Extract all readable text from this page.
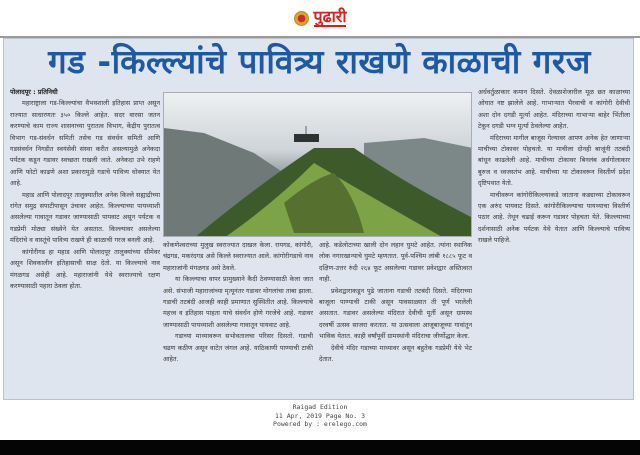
पुढारी
गड -किल्ल्यांचे पावित्र्य राखणे काळाची गरज

पोलादपूर : प्रतिनिधी

महाराष्ट्राला गड-किल्ल्यांचा वैभवशाली इतिहास प्राप्त असून राज्यात साधारणतः ३५० किल्ले आहेत. सदर वारसा जतन करण्याचे काम राज्य शासनाच्या पुरातत्व विभाग, केंद्रीय पुरातत्व विभाग गड-संवर्धन समिती तसेच गड संवर्धन समिती आणि गडसंवर्धन निगडीत स्वयंसेवी संस्था करीत असल्यामुळे अनेकदा पर्यटक कडून गडावर स्वच्छता राखली जाते. अनेकदा उभे राहणे आणि फोटो काढणे अशा प्रकारामुळे गडाचे पावित्र्य धोक्यात येत आहे.

महाड आणि पोलादपूर तालुक्यातील अनेक किल्ले सह्याद्रीच्या रांगेत समुद्र सपाटीपासून उंचावर आहेत. किल्ल्याच्या पायथ्याशी असलेल्या गावातून गडावर जाण्यासाठी पायवाट असून पर्यटक व गडप्रेमी मोठ्या संख्येने येत असतात. किल्ल्यावर असलेल्या मंदिरांचे व वास्तूंचे पावित्र्य राखणे ही काळाची गरज बनली आहे.

कांगोरीगड हा महाड आणि पोलादपूर तालुक्यांच्या सीमेवर असून शिवकालीन इतिहासाची साक्ष देतो. या किल्ल्याचे नाव मंगळगड असेही आहे. महाराजांनी येथे स्वराज्याचे रक्षण करण्यासाठी पहारा ठेवला होता.

कोकणेश्वराच्या मुलुख स्वराज्यात दाखल केला. रायगड, कांगोरी, चंद्रगड, मकरंदगड असे किल्ले स्वराज्यात आले. कांगोरीगडाचे नाव महाराजांनी मंगळगड असे ठेवले.

या किल्ल्याचा वापर प्रामुख्याने कैदी ठेवण्यासाठी केला जात असे. संभाजी महाराजांच्या मृत्यूनंतर गडावर मोगलांचा ताबा झाला. गडाची तटबंदी आजही काही प्रमाणात सुस्थितीत आहे. किल्ल्याचे महत्त्व व इतिहास पाहता याचे संवर्धन होणे गरजेचे आहे. गडावर जाण्यासाठी पायथ्याशी असलेल्या गावातून पायवाट आहे.

गडाच्या माथ्यावरून सभोवतालचा परिसर दिसतो. गडाची चढण कठीण असून वाटेत जंगल आहे. याठिकाणी पाण्याची टाकी आहेत.

आहे. कडेलोटाच्या खाली दोन लहान घुमटे आहेत. त्यांना स्थानिक लोक नगारखान्याचे घुमटे म्हणतात. पूर्व-पश्चिम लांबी १८८५ फूट व दक्षिण-उत्तर रुंदी २६४ फूट असलेल्या गडावर प्रवेशद्वार अस्तित्वात नाही.

प्रवेशद्वाराकडून पुढे जाताना गडाची तटबंदी दिसते. मंदिराच्या बाजूला पाण्याची टाकी असून पावसाळ्यात ती पूर्ण भरलेली असतात. गडावर असलेल्या मंदिरात देवीची मूर्ती असून ग्रामस्थ दरवर्षी उत्सव साजरा करतात. या उत्सवाला आजूबाजूच्या गावांतून भाविक येतात. काही वर्षांपूर्वी ग्रामस्थांनी मंदिराचा जीर्णोद्धार केला.

देवीचे मंदिर गडाच्या माथ्यावर असून बहुतेक गडप्रेमी येथे भेट देतात.

अर्धवर्तुळाकार कमान दिसते. देवळाशेजारील मूळ छत काळाच्या ओघात नष्ट झालेले आहे. गाभाऱ्यात भैरवाची व कांगोरी देवीची अशा दोन दगडी मूर्त्या आहेत. मंदिराच्या गाभाऱ्या बाहेर भिंतीला टेकून दगडी भग्न मूर्त्या ठेवलेल्या आहेत.

मंदिराच्या मागील बाजूस गेल्यावर आपण अनेक हेत जाणाऱ्या माचीच्या टोकावर पोहचतो. या माचीला दोनही बाजूंनी तटबंदी बांधून काढलेली आहे. माचीच्या टोकावर बिनलंब अर्धगोलाकार बुरुज व ध्वजस्तंभ आहे. माचीच्या या टोकावरून विस्तीर्ण प्रदेश दृष्टिपथात येतो.

माचीवरून कांगोरीकिल्ल्याकडे जाताना कड्याच्या टोकावरून एक अरुंद पायवाट दिसते. कांगोरीकिल्ल्याचा पायथ्याचा विस्तीर्ण पठार आहे. तेथून चढाई करून गडावर पोहचता येते. किल्ल्याच्या दर्शनासाठी अनेक पर्यटक येथे येतात आणि किल्ल्याचे पावित्र्य राखले पाहिजे.

Raigad Edition
11 Apr, 2019 Page No. 3
Powered by : erelego.com
